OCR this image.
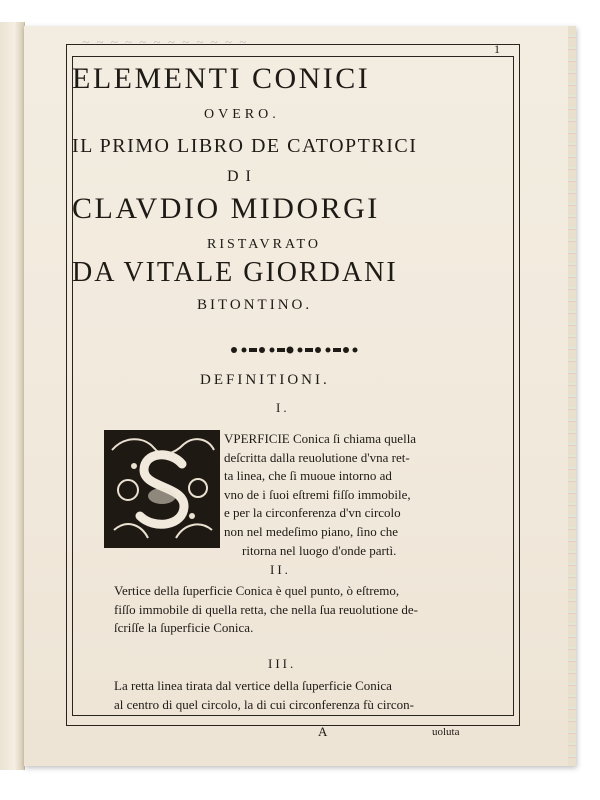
~ ~ ~ ~ ~ ~ ~ ~ ~ ~ ~ ~	1
ELEMENTI CONICI
OVERO.
IL PRIMO LIBRO DE CATOPTRICI
DI
CLAVDIO MIDORGI
RISTAVRATO
DA VITALE GIORDANI
BITONTINO.
DEFINITIONI.
I.
VPERFICIE Conica ſi chiama quella
deſcritta dalla reuolutione d'vna ret-
ta linea, che ſi muoue intorno ad
vno de i ſuoi eſtremi fiſſo immobile,
e per la circonferenza d'vn circolo
non nel medeſimo piano, ſino che
ritorna nel luogo d'onde partì.
II.
Vertice della ſuperficie Conica è quel punto, ò eſtremo,
fiſſo immobile di quella retta, che nella ſua reuolutione de-
ſcriſſe la ſuperficie Conica.
III.
La retta linea tirata dal vertice della ſuperficie Conica
al centro di quel circolo, la di cui circonferenza fù circon-
A	uoluta
